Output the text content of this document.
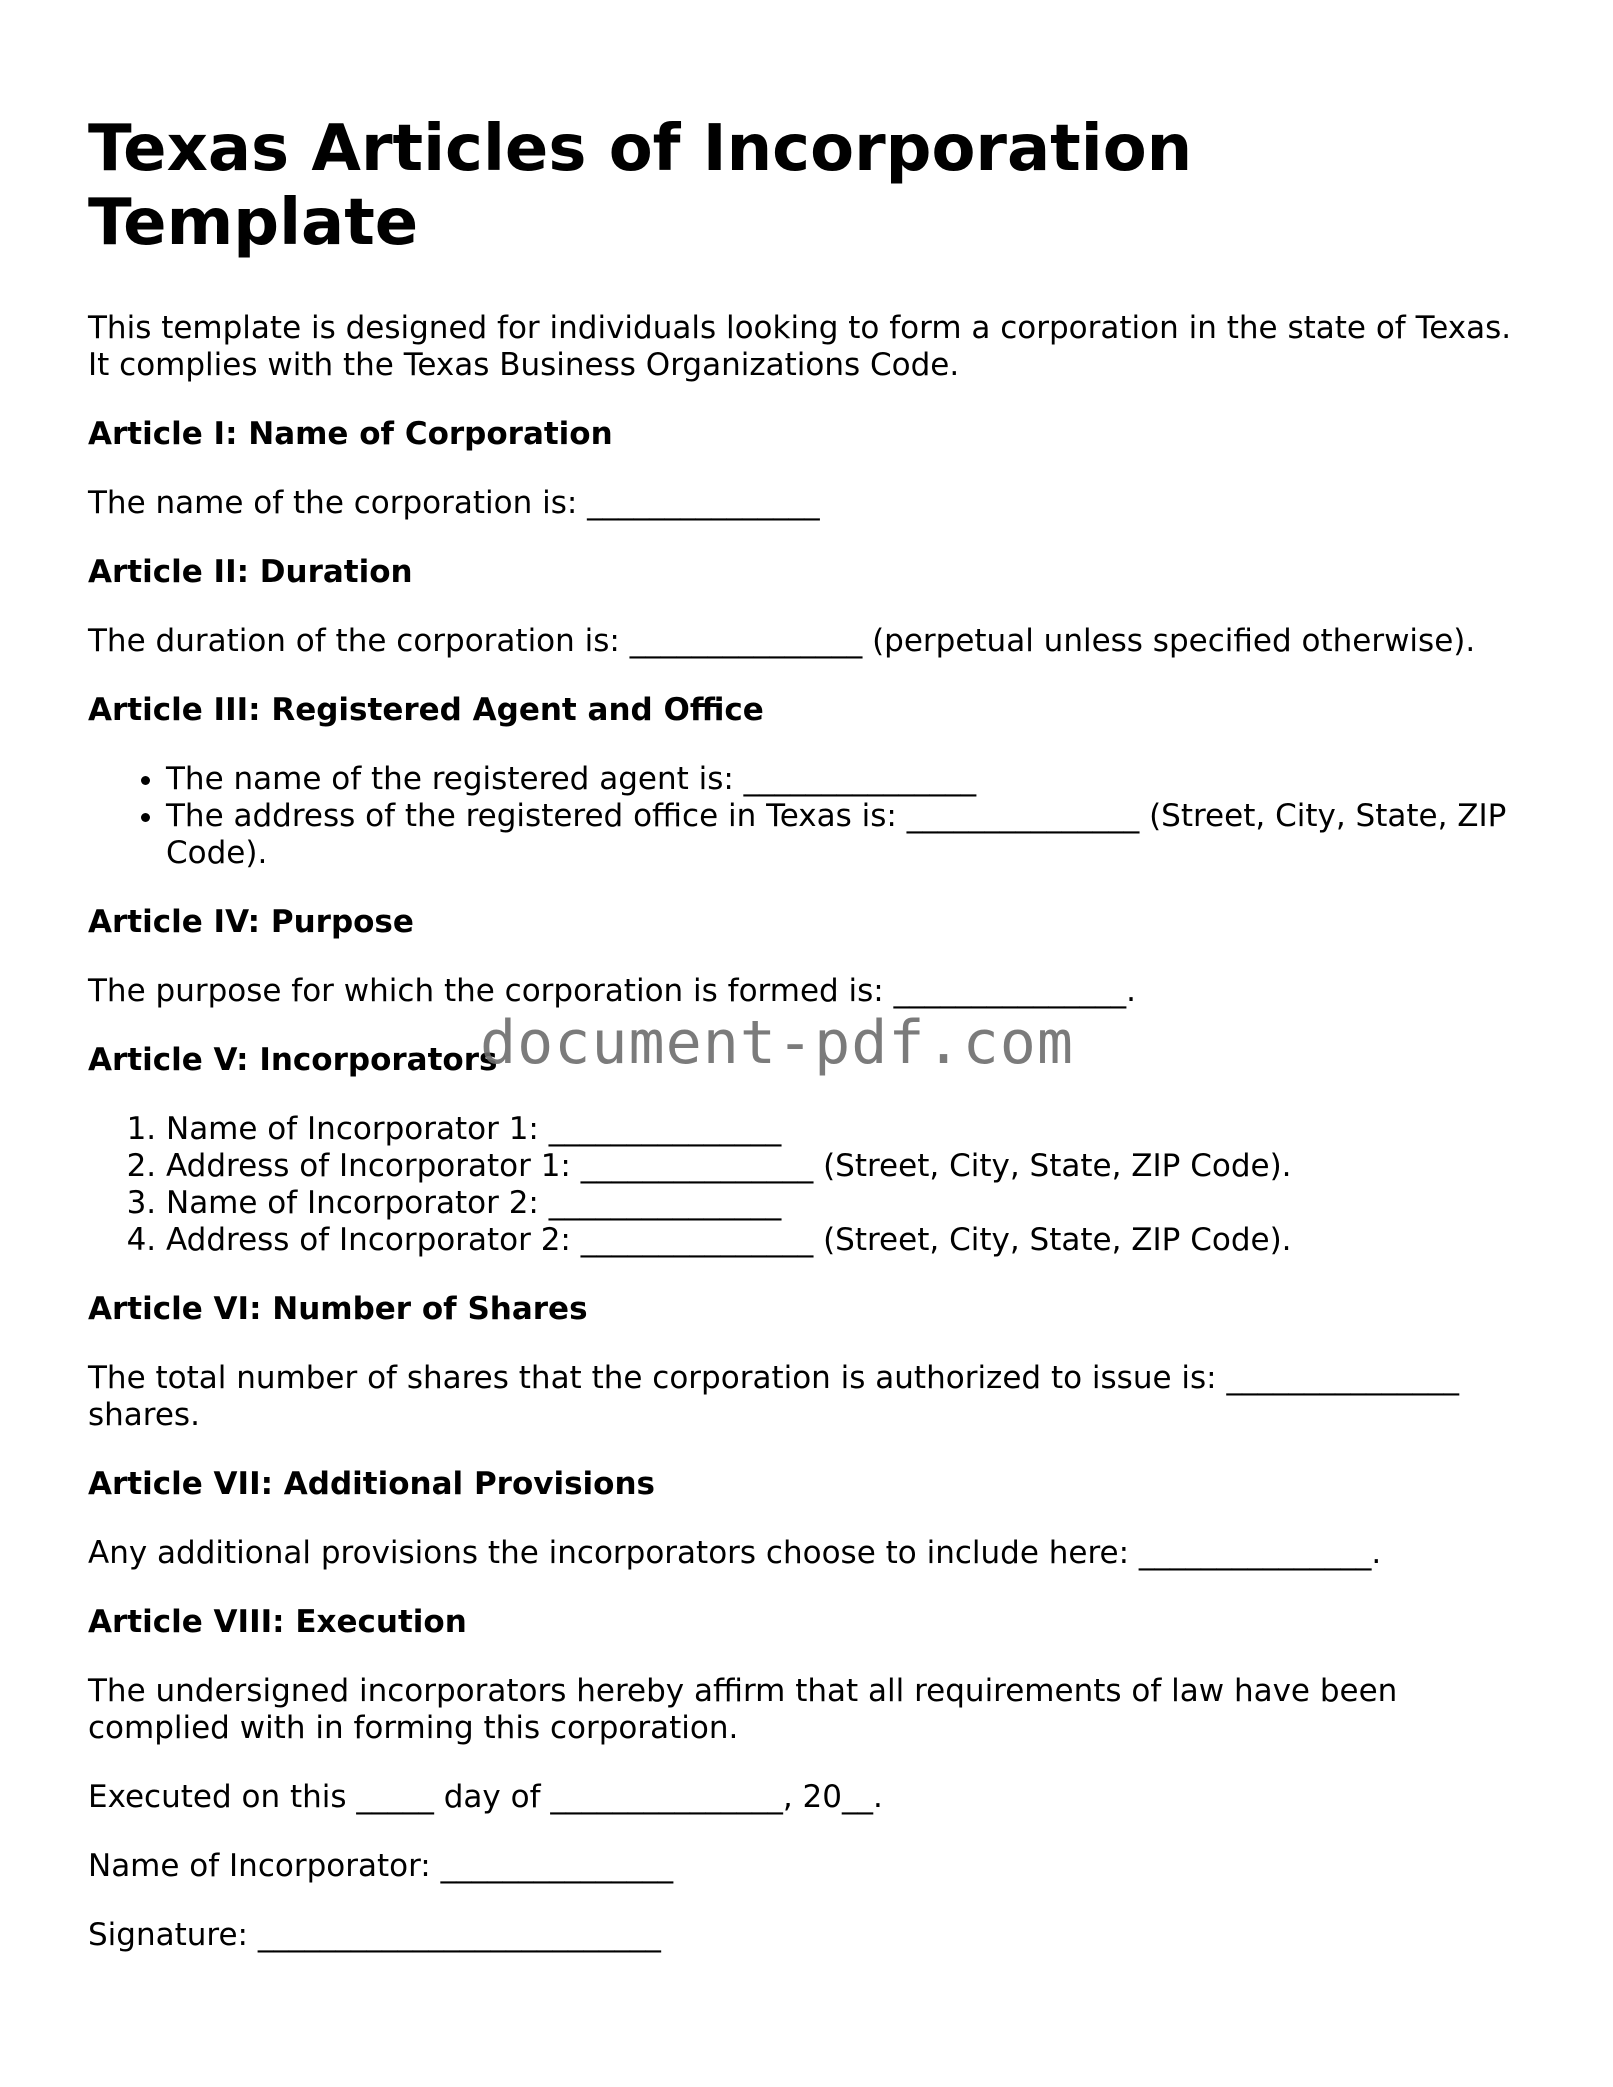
Texas Articles of Incorporation Template

This template is designed for individuals looking to form a corporation in the state of Texas. It complies with the Texas Business Organizations Code.

Article I: Name of Corporation

The name of the corporation is: _______________

Article II: Duration

The duration of the corporation is: _______________ (perpetual unless specified otherwise).

Article III: Registered Agent and Office
• The name of the registered agent is: _______________
• The address of the registered office in Texas is: _______________ (Street, City, State, ZIP Code).
Article IV: Purpose

The purpose for which the corporation is formed is: _______________.

Article V: Incorporators
1. Name of Incorporator 1: _______________
2. Address of Incorporator 1: _______________ (Street, City, State, ZIP Code).
3. Name of Incorporator 2: _______________
4. Address of Incorporator 2: _______________ (Street, City, State, ZIP Code).
Article VI: Number of Shares

The total number of shares that the corporation is authorized to issue is: _______________ shares.

Article VII: Additional Provisions

Any additional provisions the incorporators choose to include here: _______________.

Article VIII: Execution

The undersigned incorporators hereby affirm that all requirements of law have been complied with in forming this corporation.

Executed on this _____ day of _______________, 20__.

Name of Incorporator: _______________

Signature: __________________________

document-pdf.com
